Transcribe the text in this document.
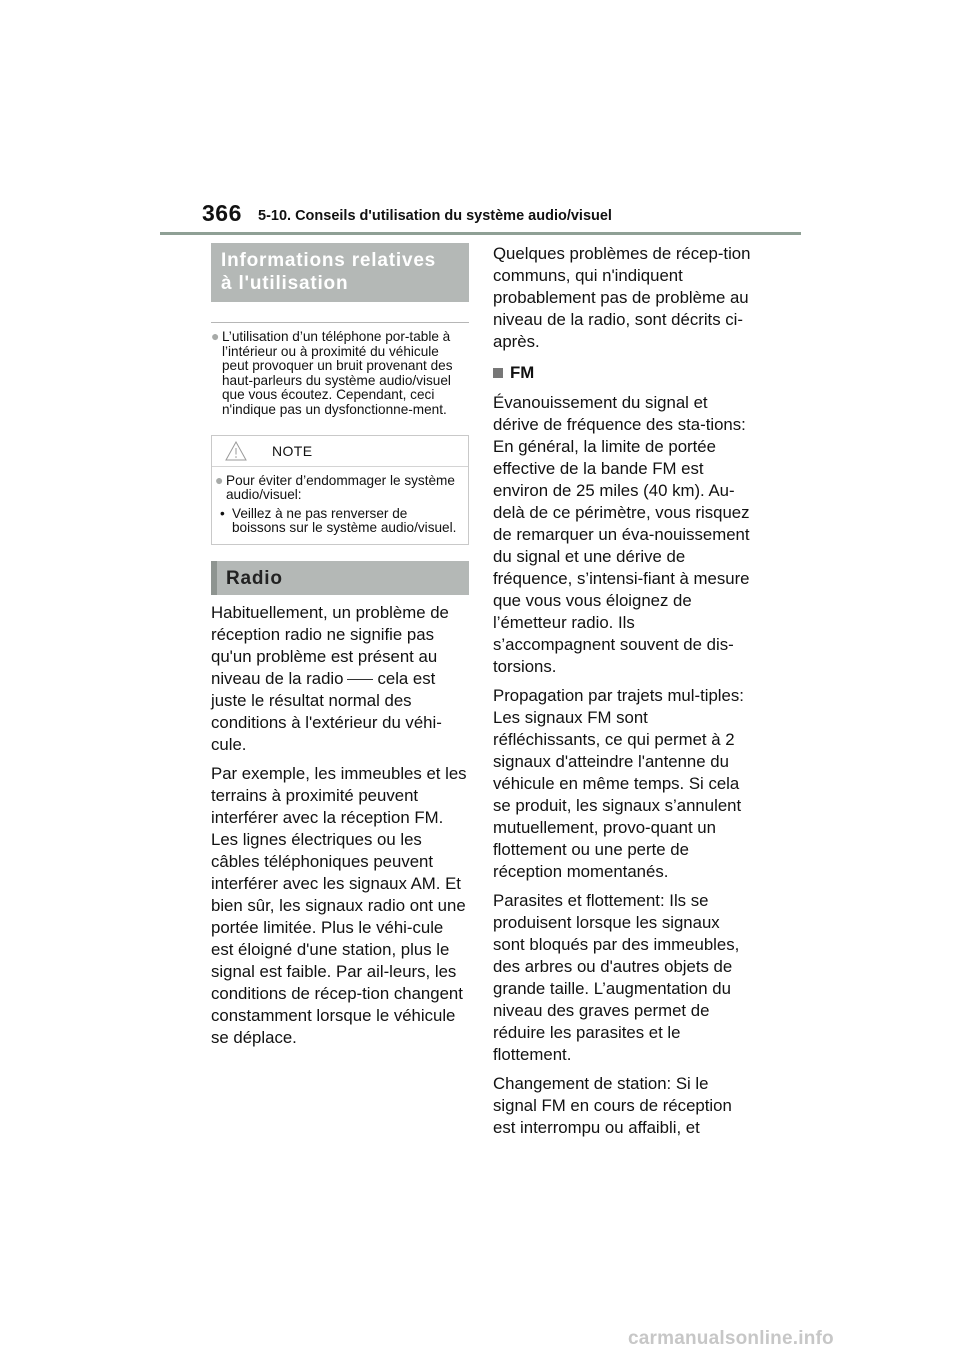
366 5-10. Conseils d'utilisation du système audio/visuel
Informations relatives
à l'utilisation
● L’utilisation d’un téléphone por-table à l’intérieur ou à proximité du véhicule peut provoquer un bruit provenant des haut-parleurs du système audio/visuel que vous écoutez. Cependant, ceci n'indique pas un dysfonctionne-ment.
NOTE
● Pour éviter d’endommager le système audio/visuel:
• Veillez à ne pas renverser de boissons sur le système audio/visuel.
Radio

Habituellement, un problème de réception radio ne signifie pas qu'un problème est présent au niveau de la radio cela est juste le résultat normal des conditions à l'extérieur du véhi-cule.

Par exemple, les immeubles et les terrains à proximité peuvent interférer avec la réception FM. Les lignes électriques ou les câbles téléphoniques peuvent interférer avec les signaux AM. Et bien sûr, les signaux radio ont une portée limitée. Plus le véhi-cule est éloigné d'une station, plus le signal est faible. Par ail-leurs, les conditions de récep-tion changent constamment lorsque le véhicule se déplace.

Quelques problèmes de récep-tion communs, qui n'indiquent probablement pas de problème au niveau de la radio, sont décrits ci-après.

FM

Évanouissement du signal et dérive de fréquence des sta-tions: En général, la limite de portée effective de la bande FM est environ de 25 miles (40 km). Au-delà de ce périmètre, vous risquez de remarquer un éva-nouissement du signal et une dérive de fréquence, s’intensi-fiant à mesure que vous vous éloignez de l’émetteur radio. Ils s’accompagnent souvent de dis-torsions.

Propagation par trajets mul-tiples: Les signaux FM sont réfléchissants, ce qui permet à 2 signaux d'atteindre l'antenne du véhicule en même temps. Si cela se produit, les signaux s’annulent mutuellement, provo-quant un flottement ou une perte de réception momentanés.

Parasites et flottement: Ils se produisent lorsque les signaux sont bloqués par des immeubles, des arbres ou d'autres objets de grande taille. L’augmentation du niveau des graves permet de réduire les parasites et le flottement.

Changement de station: Si le signal FM en cours de réception est interrompu ou affaibli, et

carmanualsonline.info
